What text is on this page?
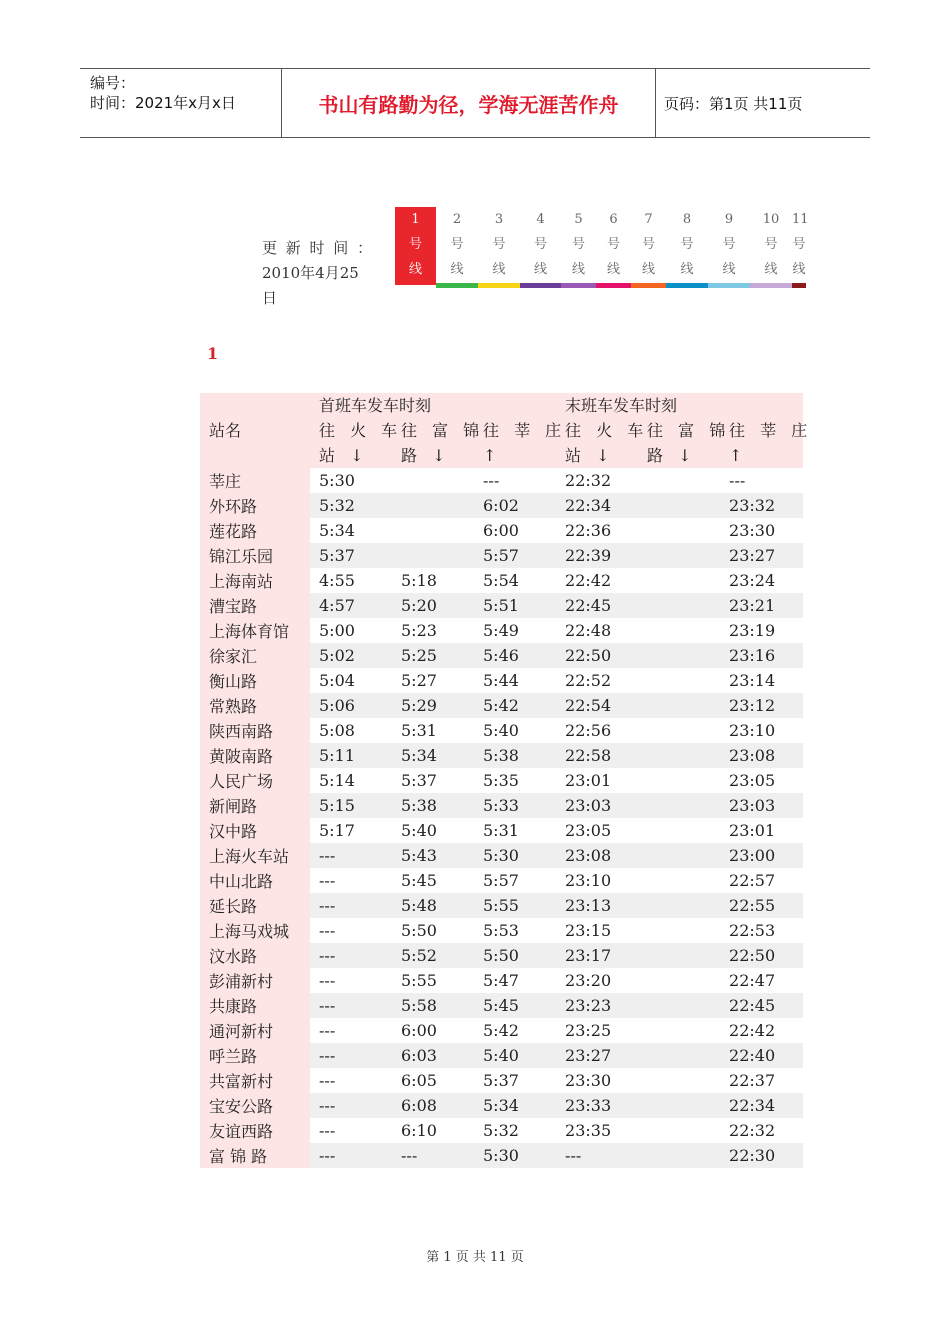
编号：
时间：2021年x月x日	书山有路勤为径，学海无涯苦作舟	页码：第1页 共11页
更 新 时 间 ：
2010年4月25
日
1
号
线
2
号
线
3
号
线
4
号
线
5
号
线
6
号
线
7
号
线
8
号
线
9
号
线
10
号
线
11
号
线
1
站名	首班车发车时刻			末班车发车时刻		
	往 火 车	往 富 锦	往 莘 庄	往 火 车	往 富 锦	往 莘 庄
	站 ↓	路 ↓	↑	站 ↓	路 ↓	↑
莘庄	5:30		---	22:32		---
外环路	5:32		6:02	22:34		23:32
莲花路	5:34		6:00	22:36		23:30
锦江乐园	5:37		5:57	22:39		23:27
上海南站	4:55	5:18	5:54	22:42		23:24
漕宝路	4:57	5:20	5:51	22:45		23:21
上海体育馆	5:00	5:23	5:49	22:48		23:19
徐家汇	5:02	5:25	5:46	22:50		23:16
衡山路	5:04	5:27	5:44	22:52		23:14
常熟路	5:06	5:29	5:42	22:54		23:12
陕西南路	5:08	5:31	5:40	22:56		23:10
黄陂南路	5:11	5:34	5:38	22:58		23:08
人民广场	5:14	5:37	5:35	23:01		23:05
新闸路	5:15	5:38	5:33	23:03		23:03
汉中路	5:17	5:40	5:31	23:05		23:01
上海火车站	---	5:43	5:30	23:08		23:00
中山北路	---	5:45	5:57	23:10		22:57
延长路	---	5:48	5:55	23:13		22:55
上海马戏城	---	5:50	5:53	23:15		22:53
汶水路	---	5:52	5:50	23:17		22:50
彭浦新村	---	5:55	5:47	23:20		22:47
共康路	---	5:58	5:45	23:23		22:45
通河新村	---	6:00	5:42	23:25		22:42
呼兰路	---	6:03	5:40	23:27		22:40
共富新村	---	6:05	5:37	23:30		22:37
宝安公路	---	6:08	5:34	23:33		22:34
友谊西路	---	6:10	5:32	23:35		22:32
富 锦 路	---	---	5:30	---		22:30
第 1 页 共 11 页
